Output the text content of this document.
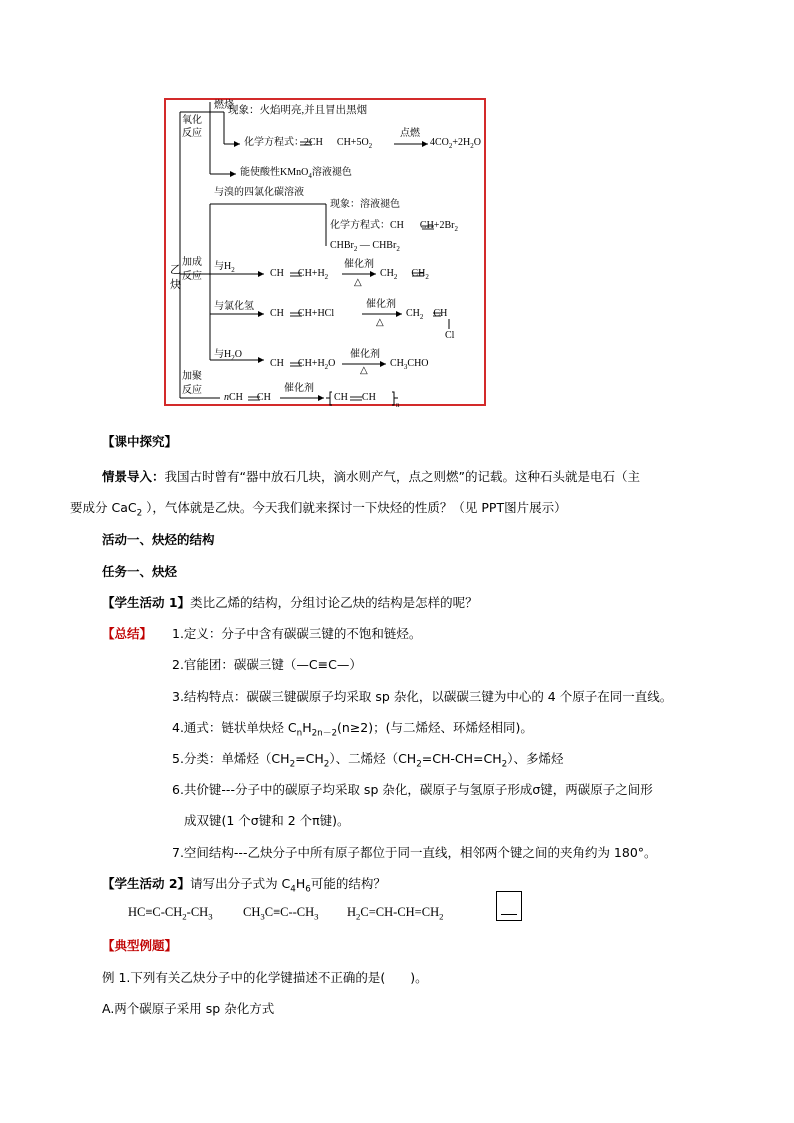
乙
炔
氧化
反应
燃烧
现象：火焰明亮,并且冒出黑烟
化学方程式：2CH $CH+5O_2$
点燃
$4CO_2+2H_2O$
能使酸性KMnO$_4$溶液褪色
与溴的四氯化碳溶液
现象：溶液褪色
化学方程式：CH $CH+2Br_2$
CHBr$_2$ — CHBr$_2$
加成
反应
与$H_2$	CH $CH+H_2$
催化剂
△
$CH_2$ $CH_2$
与氯化氢
CH CH+HCl
催化剂
△
$CH_2$ CH
Cl
与$H_2O$
CH $CH+H_2O$
催化剂
△
$CH_3CHO$
加聚
反应
nCH CH
催化剂
CH CH
n
【课中探究】
情景导入：我国古时曾有“器中放石几块，滴水则产气，点之则燃”的记载。这种石头就是电石（主
要成分 CaC$_2$ ），气体就是乙炔。今天我们就来探讨一下炔烃的性质？（见 PPT图片展示）
活动一、炔烃的结构
任务一、炔烃
【学生活动 1】类比乙烯的结构，分组讨论乙炔的结构是怎样的呢？
【总结】 1.定义：分子中含有碳碳三键的不饱和链烃。
2.官能团：碳碳三键（—C≡C—）
3.结构特点：碳碳三键碳原子均采取 sp 杂化，以碳碳三键为中心的 4 个原子在同一直线。
4.通式：链状单炔烃 $C_nH_{2n-2}(n\ge 2)$；(与二烯烃、环烯烃相同)。
5.分类：单烯烃$(CH_2=CH_2)$、二烯烃$(CH_2=CH-CH=CH_2)$、多烯烃
6.共价键---分子中的碳原子均采取 sp 杂化，碳原子与氢原子形成σ键，两碳原子之间形
成双键(1 个σ键和 2 个π键)。
7.空间结构---乙炔分子中所有原子都位于同一直线，相邻两个键之间的夹角约为 180°。
【学生活动 2】请写出分子式为 $C_4H_6$可能的结构？
$HC\equiv C-CH_2-CH_3$ $CH_3C\equiv C--CH_3$ $H_2C=CH-CH=CH_2$
【典型例题】
例 1.下列有关乙炔分子中的化学键描述不正确的是(　　)。
A.两个碳原子采用 sp 杂化方式
